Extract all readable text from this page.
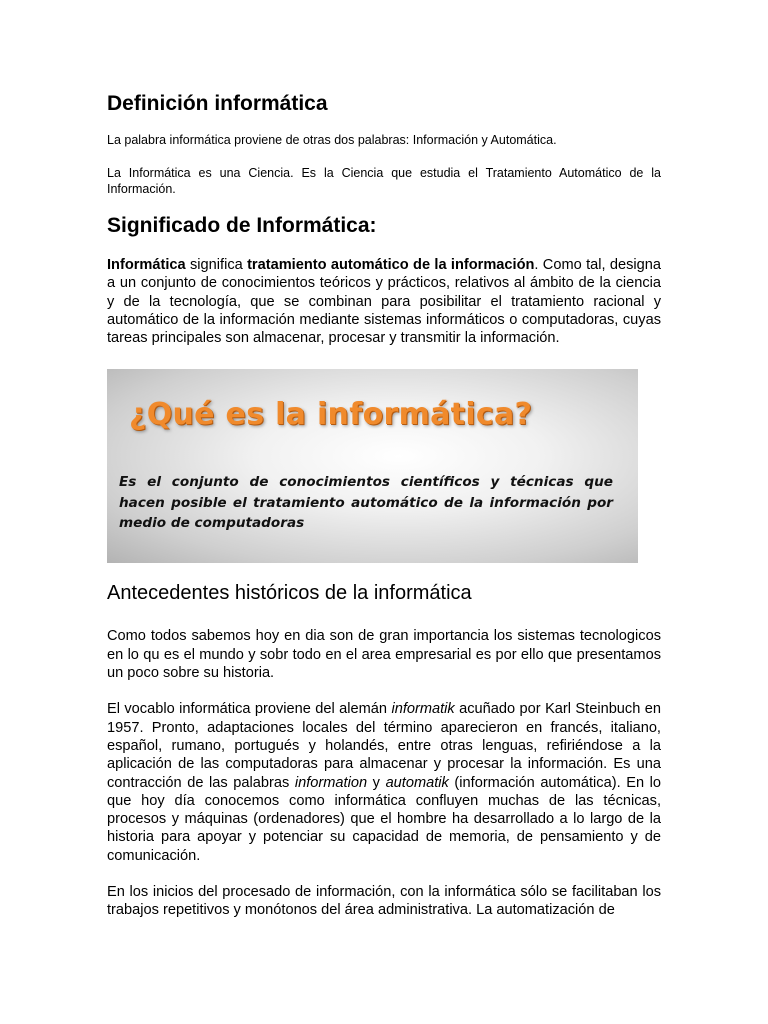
Definición informática

La palabra informática proviene de otras dos palabras: Información y Automática.

La Informática es una Ciencia. Es la Ciencia que estudia el Tratamiento Automático de la Información.

Significado de Informática:

Informática significa tratamiento automático de la información. Como tal, designa a un conjunto de conocimientos teóricos y prácticos, relativos al ámbito de la ciencia y de la tecnología, que se combinan para posibilitar el tratamiento racional y automático de la información mediante sistemas informáticos o computadoras, cuyas tareas principales son almacenar, procesar y transmitir la información.

¿Qué es la informática?
Es el conjunto de conocimientos científicos y técnicas que hacen posible el tratamiento automático de la información por medio de computadoras
Antecedentes históricos de la informática

Como todos sabemos hoy en dia son de gran importancia los sistemas tecnologicos en lo qu es el mundo y sobr todo en el area empresarial es por ello que presentamos un poco sobre su historia.

El vocablo informática proviene del alemán informatik acuñado por Karl Steinbuch en 1957. Pronto, adaptaciones locales del término aparecieron en francés, italiano, español, rumano, portugués y holandés, entre otras lenguas, refiriéndose a la aplicación de las computadoras para almacenar y procesar la información. Es una contracción de las palabras information y automatik (información automática). En lo que hoy día conocemos como informática confluyen muchas de las técnicas, procesos y máquinas (ordenadores) que el hombre ha desarrollado a lo largo de la historia para apoyar y potenciar su capacidad de memoria, de pensamiento y de comunicación.

En los inicios del procesado de información, con la informática sólo se facilitaban los trabajos repetitivos y monótonos del área administrativa. La automatización de
